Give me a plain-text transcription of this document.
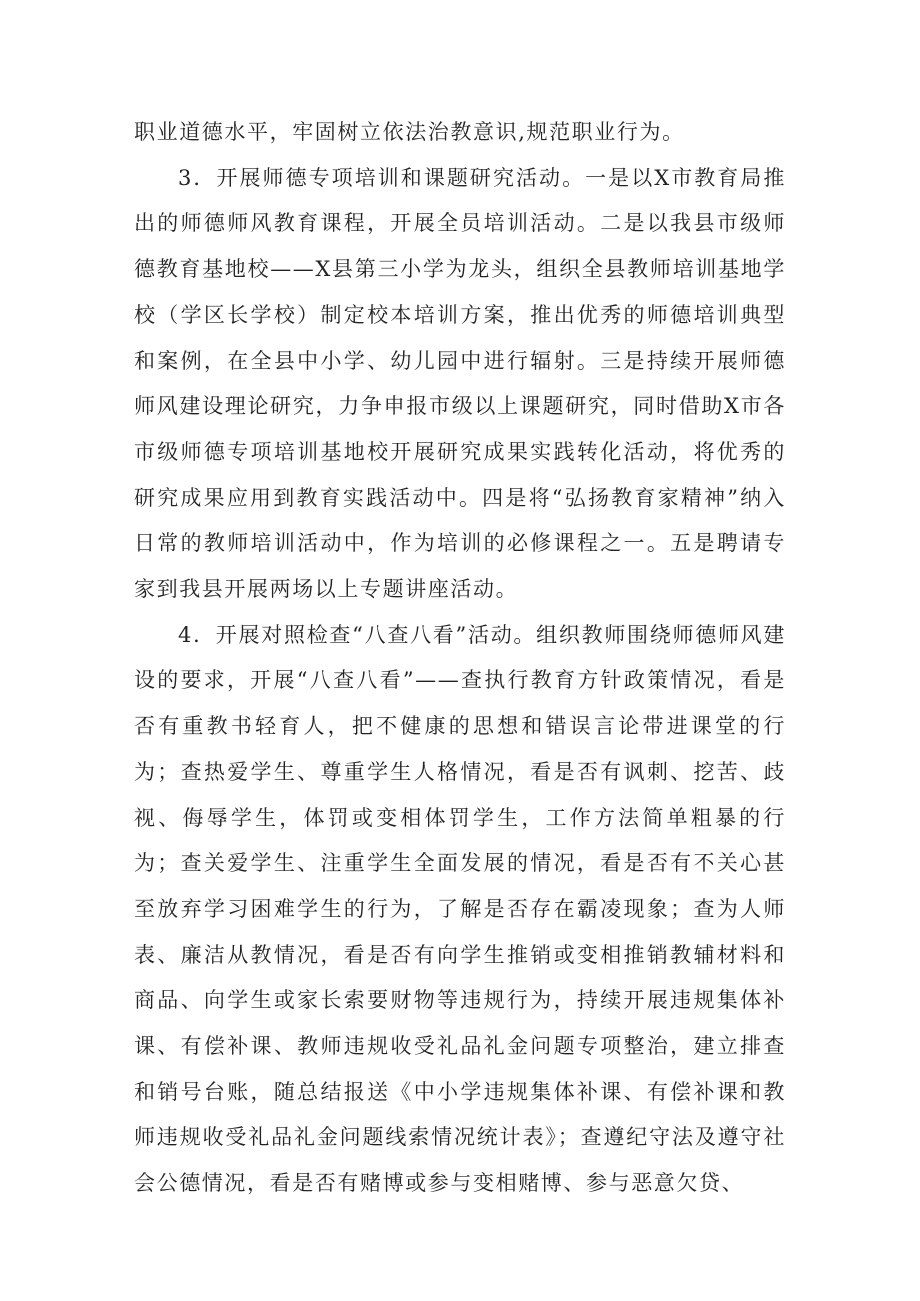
职业道德水平，牢固树立依法治教意识,规范职业行为。

3．开展师德专项培训和课题研究活动。一是以X市教育局推出的师德师风教育课程，开展全员培训活动。二是以我县市级师德教育基地校——X县第三小学为龙头，组织全县教师培训基地学校（学区长学校）制定校本培训方案，推出优秀的师德培训典型和案例，在全县中小学、幼儿园中进行辐射。三是持续开展师德师风建设理论研究，力争申报市级以上课题研究，同时借助X市各市级师德专项培训基地校开展研究成果实践转化活动，将优秀的研究成果应用到教育实践活动中。四是将“弘扬教育家精神”纳入日常的教师培训活动中，作为培训的必修课程之一。五是聘请专家到我县开展两场以上专题讲座活动。

4．开展对照检查“八查八看”活动。组织教师围绕师德师风建设的要求，开展“八查八看”——查执行教育方针政策情况，看是否有重教书轻育人，把不健康的思想和错误言论带进课堂的行为；查热爱学生、尊重学生人格情况，看是否有讽刺、挖苦、歧视、侮辱学生，体罚或变相体罚学生，工作方法简单粗暴的行为；查关爱学生、注重学生全面发展的情况，看是否有不关心甚至放弃学习困难学生的行为，了解是否存在霸凌现象；查为人师表、廉洁从教情况，看是否有向学生推销或变相推销教辅材料和商品、向学生或家长索要财物等违规行为，持续开展违规集体补课、有偿补课、教师违规收受礼品礼金问题专项整治，建立排查和销号台账，随总结报送《中小学违规集体补课、有偿补课和教师违规收受礼品礼金问题线索情况统计表》；查遵纪守法及遵守社会公德情况，看是否有赌博或参与变相赌博、参与恶意欠贷、
